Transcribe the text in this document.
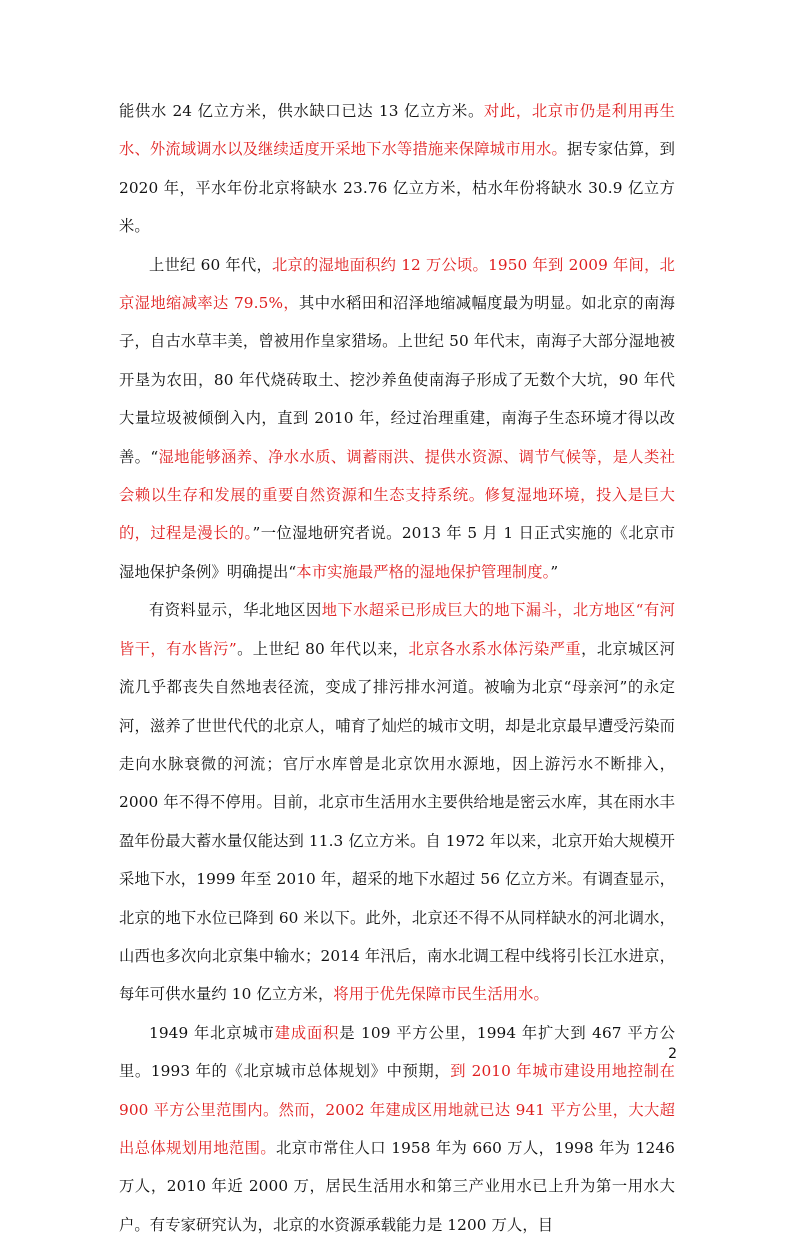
能供水 24 亿立方米，供水缺口已达 13 亿立方米。对此，北京市仍是利用再生水、外流域调水以及继续适度开采地下水等措施来保障城市用水。据专家估算，到 2020 年，平水年份北京将缺水 23.76 亿立方米，枯水年份将缺水 30.9 亿立方米。

上世纪 60 年代，北京的湿地面积约 12 万公顷。1950 年到 2009 年间，北京湿地缩减率达 79.5%，其中水稻田和沼泽地缩减幅度最为明显。如北京的南海子，自古水草丰美，曾被用作皇家猎场。上世纪 50 年代末，南海子大部分湿地被开垦为农田，80 年代烧砖取土、挖沙养鱼使南海子形成了无数个大坑，90 年代大量垃圾被倾倒入内，直到 2010 年，经过治理重建，南海子生态环境才得以改善。“湿地能够涵养、净水水质、调蓄雨洪、提供水资源、调节气候等，是人类社会赖以生存和发展的重要自然资源和生态支持系统。修复湿地环境，投入是巨大的，过程是漫长的。”一位湿地研究者说。2013 年 5 月 1 日正式实施的《北京市湿地保护条例》明确提出“本市实施最严格的湿地保护管理制度。”

有资料显示，华北地区因地下水超采已形成巨大的地下漏斗，北方地区“有河皆干，有水皆污”。上世纪 80 年代以来，北京各水系水体污染严重，北京城区河流几乎都丧失自然地表径流，变成了排污排水河道。被喻为北京“母亲河”的永定河，滋养了世世代代的北京人，哺育了灿烂的城市文明，却是北京最早遭受污染而走向水脉衰微的河流；官厅水库曾是北京饮用水源地，因上游污水不断排入，2000 年不得不停用。目前，北京市生活用水主要供给地是密云水库，其在雨水丰盈年份最大蓄水量仅能达到 11.3 亿立方米。自 1972 年以来，北京开始大规模开采地下水，1999 年至 2010 年，超采的地下水超过 56 亿立方米。有调查显示，北京的地下水位已降到 60 米以下。此外，北京还不得不从同样缺水的河北调水，山西也多次向北京集中输水；2014 年汛后，南水北调工程中线将引长江水进京，每年可供水量约 10 亿立方米，将用于优先保障市民生活用水。

1949 年北京城市建成面积是 109 平方公里，1994 年扩大到 467 平方公里。1993 年的《北京城市总体规划》中预期，到 2010 年城市建设用地控制在 900 平方公里范围内。然而，2002 年建成区用地就已达 941 平方公里，大大超出总体规划用地范围。北京市常住人口 1958 年为 660 万人，1998 年为 1246 万人，2010 年近 2000 万，居民生活用水和第三产业用水已上升为第一用水大户。有专家研究认为，北京的水资源承载能力是 1200 万人，目

2
